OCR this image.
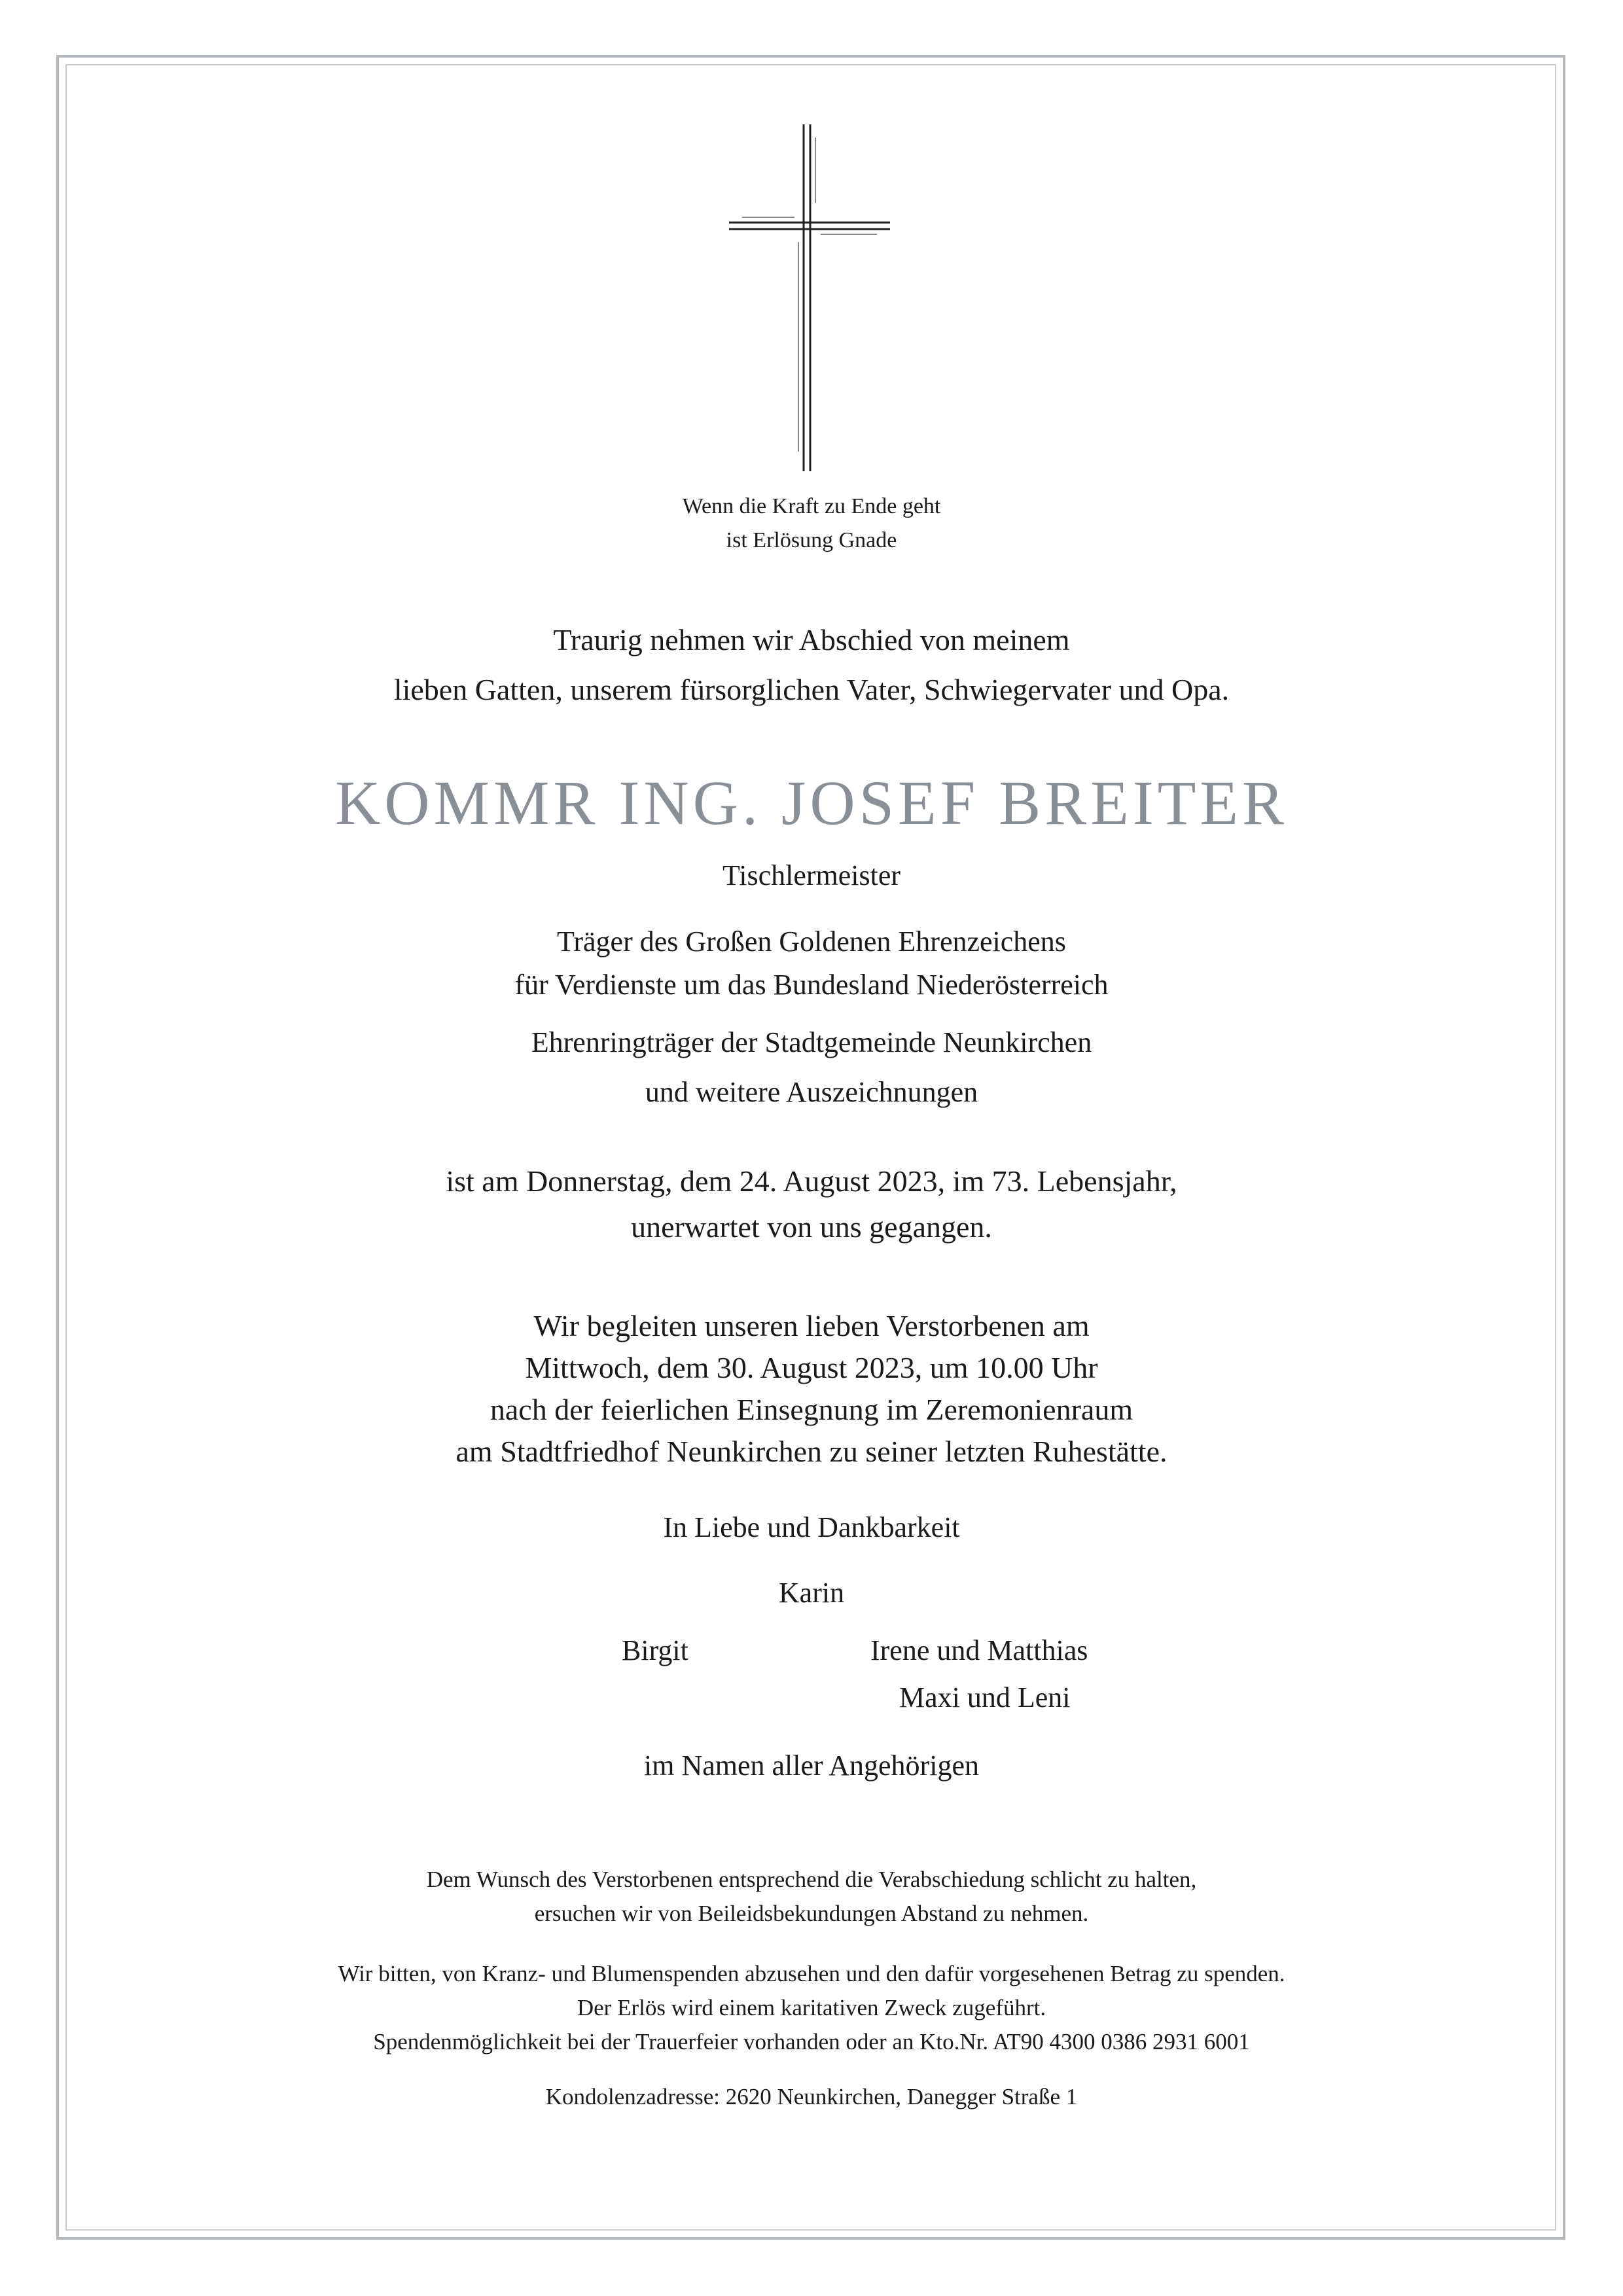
Wenn die Kraft zu Ende geht
ist Erlösung Gnade

Traurig nehmen wir Abschied von meinem
lieben Gatten, unserem fürsorglichen Vater, Schwiegervater und Opa.

KOMMR ING. JOSEF BREITER

Tischlermeister

Träger des Großen Goldenen Ehrenzeichens
für Verdienste um das Bundesland Niederösterreich

Ehrenringträger der Stadtgemeinde Neunkirchen

und weitere Auszeichnungen

ist am Donnerstag, dem 24. August 2023, im 73. Lebensjahr,
unerwartet von uns gegangen.

Wir begleiten unseren lieben Verstorbenen am
Mittwoch, dem 30. August 2023, um 10.00 Uhr
nach der feierlichen Einsegnung im Zeremonienraum
am Stadtfriedhof Neunkirchen zu seiner letzten Ruhestätte.

In Liebe und Dankbarkeit

Karin

Birgit	Irene und Matthias

Maxi und Leni

im Namen aller Angehörigen

Dem Wunsch des Verstorbenen entsprechend die Verabschiedung schlicht zu halten,
ersuchen wir von Beileidsbekundungen Abstand zu nehmen.

Wir bitten, von Kranz- und Blumenspenden abzusehen und den dafür vorgesehenen Betrag zu spenden.
Der Erlös wird einem karitativen Zweck zugeführt.
Spendenmöglichkeit bei der Trauerfeier vorhanden oder an Kto.Nr. AT90 4300 0386 2931 6001

Kondolenzadresse: 2620 Neunkirchen, Danegger Straße 1
